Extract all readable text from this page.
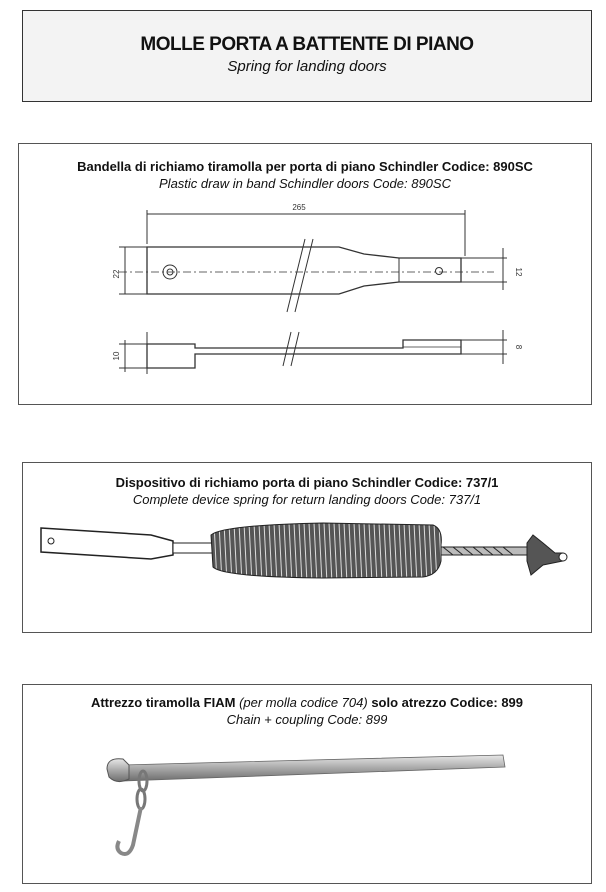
MOLLE PORTA A BATTENTE DI PIANO
Spring for landing doors
Bandella di richiamo tiramolla per porta di piano Schindler Codice: 890SC
Plastic draw in band Schindler doors Code: 890SC
265
22	12
10
8
Dispositivo di richiamo porta di piano Schindler Codice: 737/1
Complete device spring for return landing doors Code: 737/1
Attrezzo tiramolla FIAM (per molla codice 704) solo atrezzo Codice: 899
Chain + coupling Code: 899
